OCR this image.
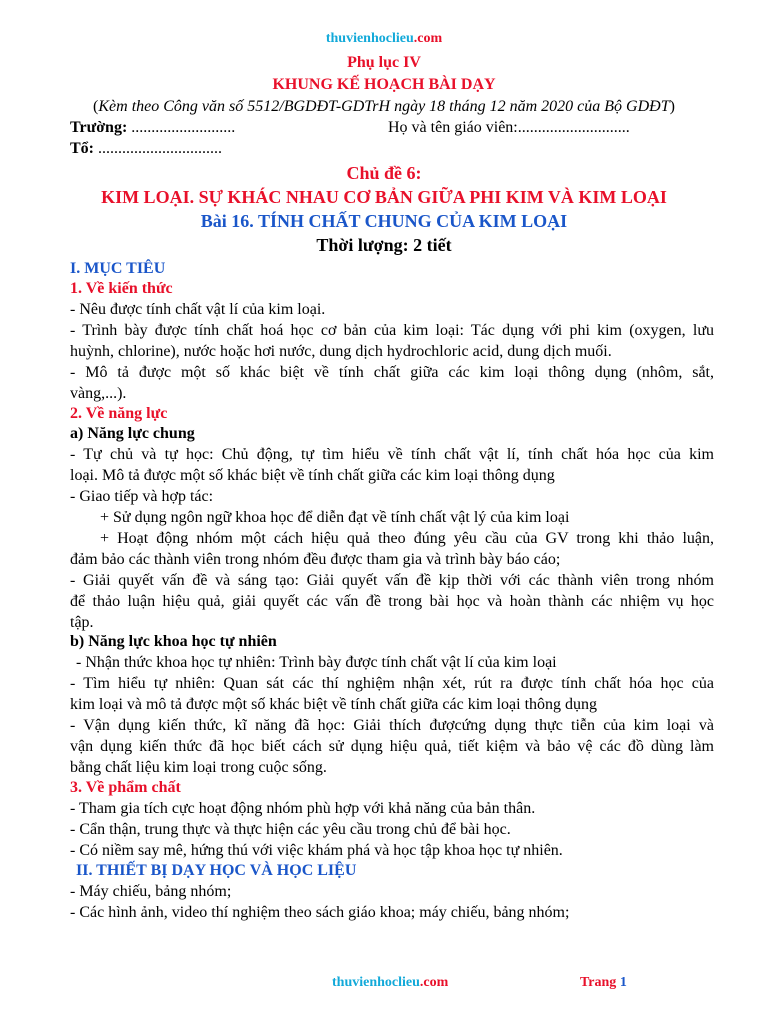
thuvienhoclieu.com
Phụ lục IV
KHUNG KẾ HOẠCH BÀI DẠY
(Kèm theo Công văn số 5512/BGDĐT-GDTrH ngày 18 tháng 12 năm 2020 của Bộ GDĐT)
Trường: ..........................	Họ và tên giáo viên:............................
Tổ: ...............................
Chủ đề 6:
KIM LOẠI. SỰ KHÁC NHAU CƠ BẢN GIỮA PHI KIM VÀ KIM LOẠI
Bài 16. TÍNH CHẤT CHUNG CỦA KIM LOẠI
Thời lượng: 2 tiết
I. MỤC TIÊU
1. Về kiến thức
- Nêu được tính chất vật lí của kim loại.
- Trình bày được tính chất hoá học cơ bản của kim loại: Tác dụng với phi kim (oxygen, lưu
huỳnh, chlorine), nước hoặc hơi nước, dung dịch hydrochloric acid, dung dịch muối.
- Mô tả được một số khác biệt về tính chất giữa các kim loại thông dụng (nhôm, sắt,
vàng,...).
2. Về năng lực
a) Năng lực chung
- Tự chủ và tự học: Chủ động, tự tìm hiểu về tính chất vật lí, tính chất hóa học của kim
loại. Mô tả được một số khác biệt về tính chất giữa các kim loại thông dụng
- Giao tiếp và hợp tác:
+ Sử dụng ngôn ngữ khoa học để diễn đạt về tính chất vật lý của kim loại
+ Hoạt động nhóm một cách hiệu quả theo đúng yêu cầu của GV trong khi thảo luận,
đảm bảo các thành viên trong nhóm đều được tham gia và trình bày báo cáo;
- Giải quyết vấn đề và sáng tạo: Giải quyết vấn đề kịp thời với các thành viên trong nhóm
để thảo luận hiệu quả, giải quyết các vấn đề trong bài học và hoàn thành các nhiệm vụ học
tập.
b) Năng lực khoa học tự nhiên
- Nhận thức khoa học tự nhiên: Trình bày được tính chất vật lí của kim loại
- Tìm hiểu tự nhiên: Quan sát các thí nghiệm nhận xét, rút ra được tính chất hóa học của
kim loại và mô tả được một số khác biệt về tính chất giữa các kim loại thông dụng
- Vận dụng kiến thức, kĩ năng đã học: Giải thích đượcứng dụng thực tiễn của kim loại và
vận dụng kiến thức đã học biết cách sử dụng hiệu quả, tiết kiệm và bảo vệ các đồ dùng làm
bằng chất liệu kim loại trong cuộc sống.
3. Về phẩm chất
- Tham gia tích cực hoạt động nhóm phù hợp với khả năng của bản thân.
- Cẩn thận, trung thực và thực hiện các yêu cầu trong chủ để bài học.
- Có niềm say mê, hứng thú với việc khám phá và học tập khoa học tự nhiên.
II. THIẾT BỊ DẠY HỌC VÀ HỌC LIỆU
- Máy chiếu, bảng nhóm;
- Các hình ảnh, video thí nghiệm theo sách giáo khoa; máy chiếu, bảng nhóm;
thuvienhoclieu.com	Trang 1
